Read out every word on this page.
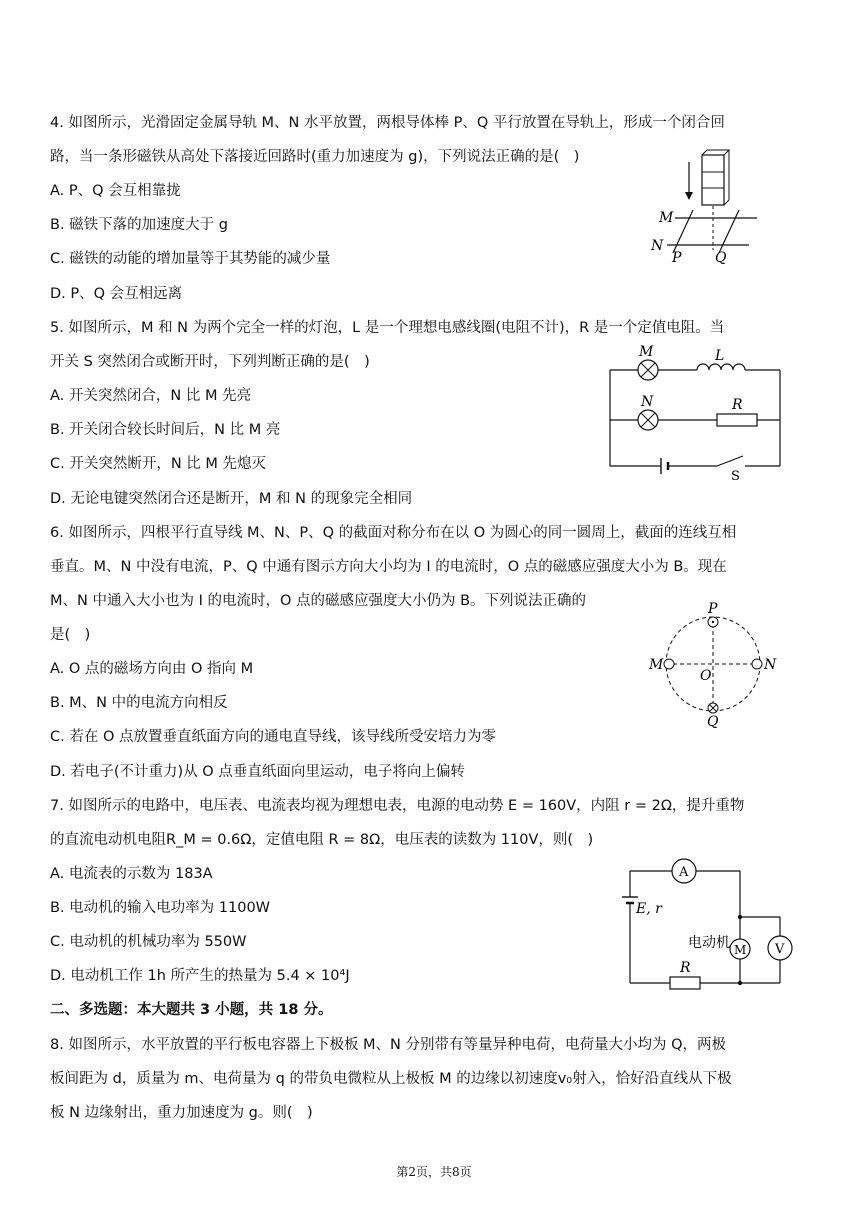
4. 如图所示，光滑固定金属导轨 M、N 水平放置，两根导体棒 P、Q 平行放置在导轨上，形成一个闭合回
路，当一条形磁铁从高处下落接近回路时(重力加速度为 g)，下列说法正确的是(　)
A. P、Q 会互相靠拢
B. 磁铁下落的加速度大于 g
C. 磁铁的动能的增加量等于其势能的减少量
D. P、Q 会互相远离
M
N
P Q
5. 如图所示，M 和 N 为两个完全一样的灯泡，L 是一个理想电感线圈(电阻不计)，R 是一个定值电阻。当
开关 S 突然闭合或断开时，下列判断正确的是(　)
A. 开关突然闭合，N 比 M 先亮
B. 开关闭合较长时间后，N 比 M 亮
C. 开关突然断开，N 比 M 先熄灭
D. 无论电键突然闭合还是断开，M 和 N 的现象完全相同
M	L
N	R
S
6. 如图所示，四根平行直导线 M、N、P、Q 的截面对称分布在以 O 为圆心的同一圆周上，截面的连线互相
垂直。M、N 中没有电流，P、Q 中通有图示方向大小均为 I 的电流时，O 点的磁感应强度大小为 B。现在
M、N 中通入大小也为 I 的电流时，O 点的磁感应强度大小仍为 B。下列说法正确的
是(　)
A. O 点的磁场方向由 O 指向 M
B. M、N 中的电流方向相反
C. 若在 O 点放置垂直纸面方向的通电直导线，该导线所受安培力为零
D. 若电子(不计重力)从 O 点垂直纸面向里运动，电子将向上偏转
P
Q
M	N
O
7. 如图所示的电路中，电压表、电流表均视为理想电表，电源的电动势 E = 160V，内阻 r = 2Ω，提升重物
的直流电动机电阻R_M = 0.6Ω，定值电阻 R = 8Ω，电压表的读数为 110V，则(　)
A. 电流表的示数为 183A
B. 电动机的输入电功率为 1100W
C. 电动机的机械功率为 550W
D. 电动机工作 1h 所产生的热量为 5.4 × 10⁴J
A
E, r
电动机 M V
R
二、多选题：本大题共 3 小题，共 18 分。
8. 如图所示，水平放置的平行板电容器上下极板 M、N 分别带有等量异种电荷，电荷量大小均为 Q，两极
板间距为 d，质量为 m、电荷量为 q 的带负电微粒从上极板 M 的边缘以初速度v₀射入，恰好沿直线从下极
板 N 边缘射出，重力加速度为 g。则(　)
第2页，共8页
